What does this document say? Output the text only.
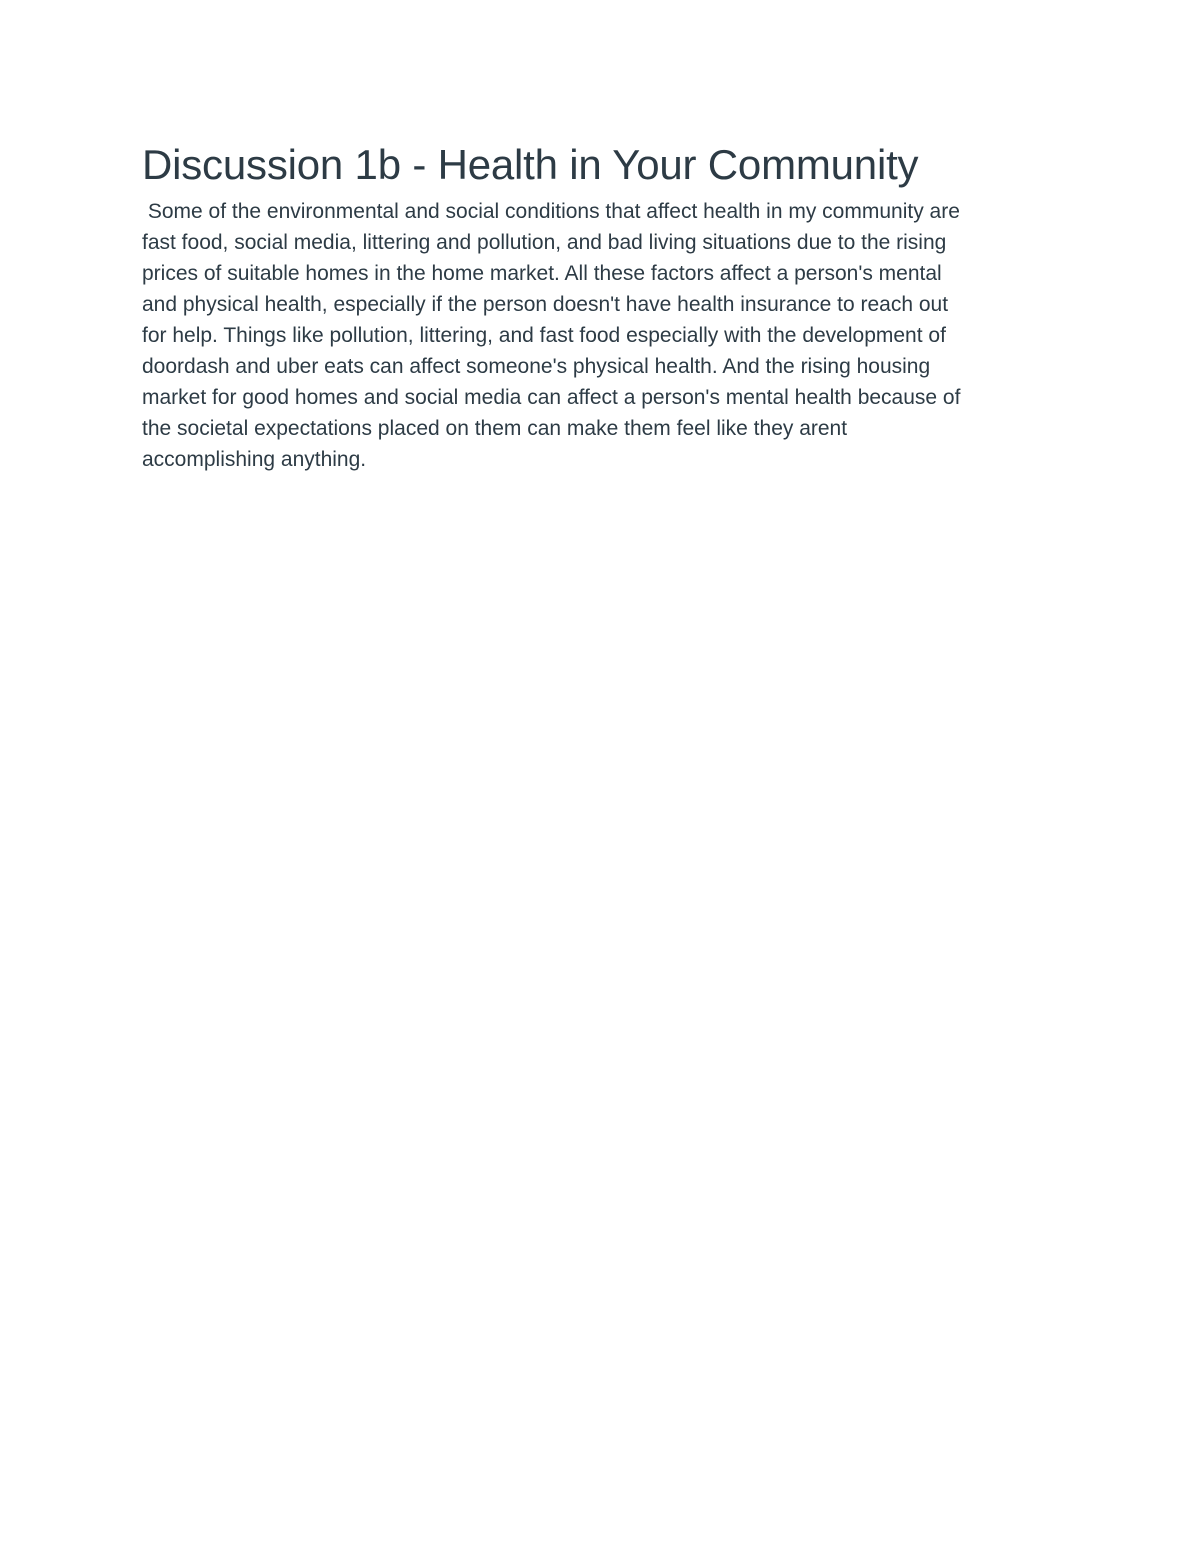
Discussion 1b - Health in Your Community
Some of the environmental and social conditions that affect health in my community are
fast food, social media, littering and pollution, and bad living situations due to the rising
prices of suitable homes in the home market. All these factors affect a person's mental
and physical health, especially if the person doesn't have health insurance to reach out
for help. Things like pollution, littering, and fast food especially with the development of
doordash and uber eats can affect someone's physical health. And the rising housing
market for good homes and social media can affect a person's mental health because of
the societal expectations placed on them can make them feel like they arent
accomplishing anything.
